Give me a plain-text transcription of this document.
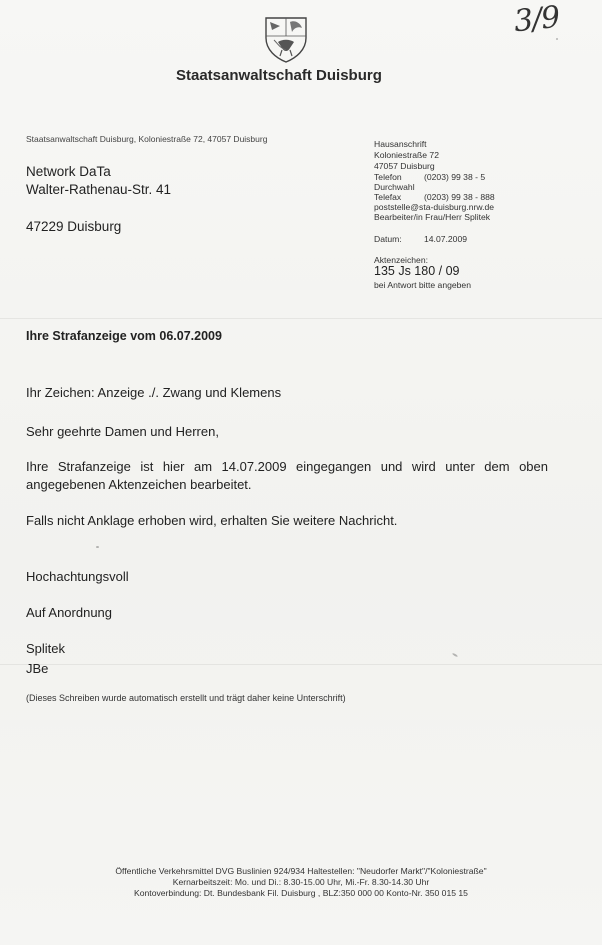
3/9
Staatsanwaltschaft Duisburg
Staatsanwaltschaft Duisburg, Koloniestraße 72, 47057 Duisburg
Network DaTa
Walter-Rathenau-Str. 41
47229 Duisburg
Hausanschrift
Koloniestraße 72
47057 Duisburg
Telefon	(0203) 99 38 - 5
Durchwahl
Telefax	(0203) 99 38 - 888
poststelle@sta-duisburg.nrw.de
Bearbeiter/in Frau/Herr Splitek
Datum:	14.07.2009
Aktenzeichen:
135 Js 180 / 09
bei Antwort bitte angeben
Ihre Strafanzeige vom 06.07.2009
Ihr Zeichen: Anzeige ./. Zwang und Klemens
Sehr geehrte Damen und Herren,
Ihre Strafanzeige ist hier am 14.07.2009 eingegangen und wird unter dem oben
angegebenen Aktenzeichen bearbeitet.
Falls nicht Anklage erhoben wird, erhalten Sie weitere Nachricht.
Hochachtungsvoll
Auf Anordnung
Splitek
JBe
(Dieses Schreiben wurde automatisch erstellt und trägt daher keine Unterschrift)
Öffentliche Verkehrsmittel DVG Buslinien 924/934 Haltestellen: "Neudorfer Markt"/"Koloniestraße"
Kernarbeitszeit: Mo. und Di.: 8.30-15.00 Uhr, Mi.-Fr. 8.30-14.30 Uhr
Kontoverbindung: Dt. Bundesbank Fil. Duisburg , BLZ:350 000 00 Konto-Nr. 350 015 15
